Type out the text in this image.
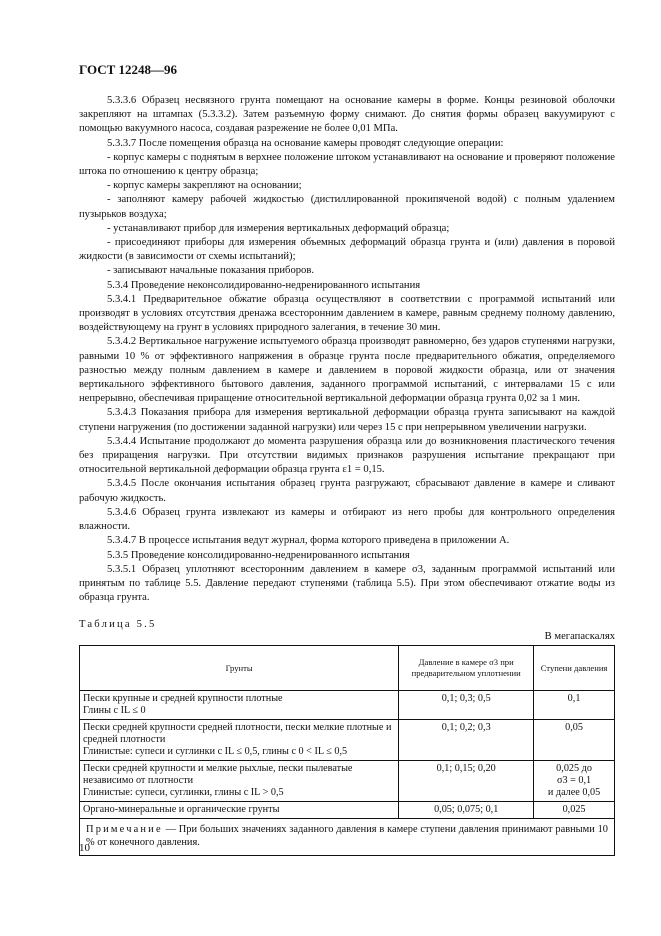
ГОСТ 12248—96

5.3.3.6 Образец несвязного грунта помещают на основание камеры в форме. Концы резиновой оболочки закрепляют на штампах (5.3.3.2). Затем разъемную форму снимают. До снятия формы образец вакуумируют с помощью вакуумного насоса, создавая разрежение не более 0,01 МПа.

5.3.3.7 После помещения образца на основание камеры проводят следующие операции:

- корпус камеры с поднятым в верхнее положение штоком устанавливают на основание и проверяют положение штока по отношению к центру образца;

- корпус камеры закрепляют на основании;

- заполняют камеру рабочей жидкостью (дистиллированной прокипяченой водой) с полным удалением пузырьков воздуха;

- устанавливают прибор для измерения вертикальных деформаций образца;

- присоединяют приборы для измерения объемных деформаций образца грунта и (или) давления в поровой жидкости (в зависимости от схемы испытаний);

- записывают начальные показания приборов.

5.3.4 Проведение неконсолидированно-недренированного испытания

5.3.4.1 Предварительное обжатие образца осуществляют в соответствии с программой испытаний или производят в условиях отсутствия дренажа всесторонним давлением в камере, равным среднему полному давлению, воздействующему на грунт в условиях природного залегания, в течение 30 мин.

5.3.4.2 Вертикальное нагружение испытуемого образца производят равномерно, без ударов ступенями нагрузки, равными 10 % от эффективного напряжения в образце грунта после предварительного обжатия, определяемого разностью между полным давлением в камере и давлением в поровой жидкости образца, или от значения вертикального эффективного бытового давления, заданного программой испытаний, с интервалами 15 с или непрерывно, обеспечивая приращение относительной вертикальной деформации образца грунта 0,02 за 1 мин.

5.3.4.3 Показания прибора для измерения вертикальной деформации образца грунта записывают на каждой ступени нагружения (по достижении заданной нагрузки) или через 15 с при непрерывном увеличении нагрузки.

5.3.4.4 Испытание продолжают до момента разрушения образца или до возникновения пластического течения без приращения нагрузки. При отсутствии видимых признаков разрушения испытание прекращают при относительной вертикальной деформации образца грунта ε1 = 0,15.

5.3.4.5 После окончания испытания образец грунта разгружают, сбрасывают давление в камере и сливают рабочую жидкость.

5.3.4.6 Образец грунта извлекают из камеры и отбирают из него пробы для контрольного определения влажности.

5.3.4.7 В процессе испытания ведут журнал, форма которого приведена в приложении А.

5.3.5 Проведение консолидированно-недренированного испытания

5.3.5.1 Образец уплотняют всесторонним давлением в камере σ3, заданным программой испытаний или принятым по таблице 5.5. Давление передают ступенями (таблица 5.5). При этом обеспечивают отжатие воды из образца грунта.

Таблица 5.5
В мегапаскалях
Грунты	Давление в камере σ3 при предварительном уплотнении	Ступени давления

Пески крупные и средней крупности плотные
Глины с IL ≤ 0	0,1; 0,3; 0,5	0,1

Пески средней крупности средней плотности, пески мелкие плотные и средней плотности
Глинистые: супеси и суглинки с IL ≤ 0,5, глины с 0 < IL ≤ 0,5	0,1; 0,2; 0,3	0,05

Пески средней крупности и мелкие рыхлые, пески пылеватые независимо от плотности
Глинистые: супеси, суглинки, глины с IL > 0,5	0,1; 0,15; 0,20	0,025 до
σ3 = 0,1
и далее 0,05

Органо-минеральные и органические грунты	0,05; 0,075; 0,1	0,025

Примечание — При больших значениях заданного давления в камере ступени давления принимают равными 10 % от конечного давления.		
10
